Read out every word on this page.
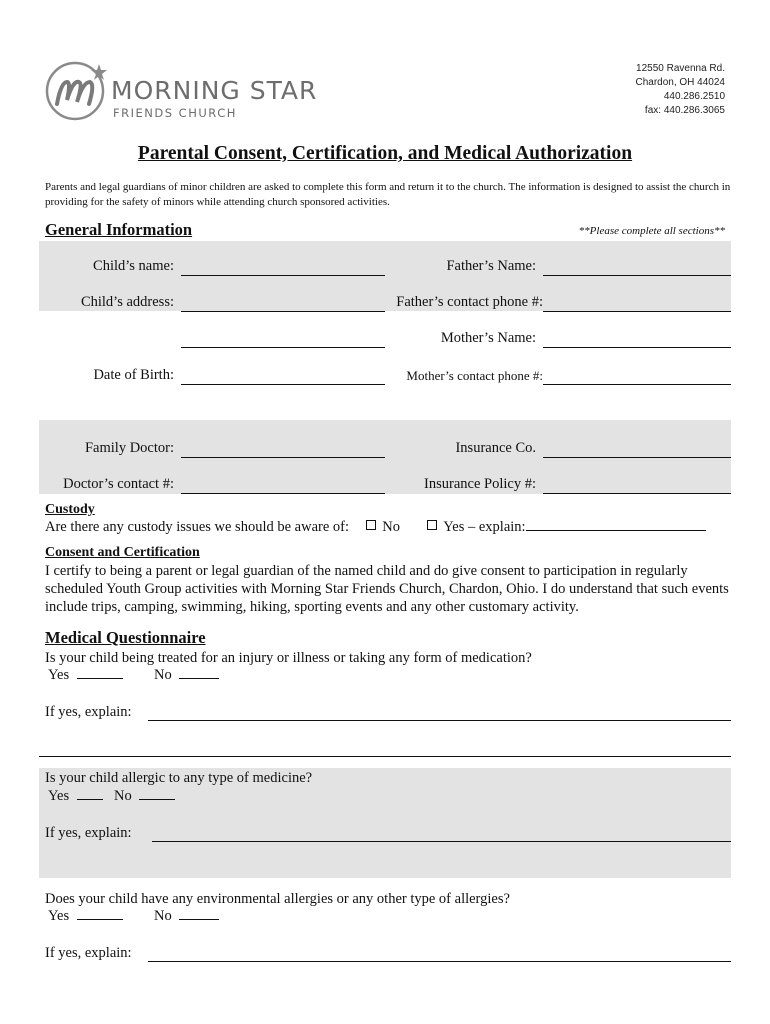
MORNING STAR
FRIENDS CHURCH
12550 Ravenna Rd.
Chardon, OH 44024
440.286.2510
fax: 440.286.3065
Parental Consent, Certification, and Medical Authorization
Parents and legal guardians of minor children are asked to complete this form and return it to the church. The information is designed to assist the church in providing for the safety of minors while attending church sponsored activities.
General Information	**Please complete all sections**
Child’s name:	Father’s Name:
Child’s address:	Father’s contact phone #:
Mother’s Name:
Date of Birth:	Mother’s contact phone #:
Family Doctor:	Insurance Co.
Doctor’s contact #:	Insurance Policy #:
Custody
Are there any custody issues we should be aware of: No	Yes – explain:
Consent and Certification
I certify to being a parent or legal guardian of the named child and do give consent to participation in regularly scheduled Youth Group activities with Morning Star Friends Church, Chardon, Ohio. I do understand that such events include trips, camping, swimming, hiking, sporting events and any other customary activity.
Medical Questionnaire
Is your child being treated for an injury or illness or taking any form of medication?
Yes	No
If yes, explain:
Is your child allergic to any type of medicine?
Yes	No
If yes, explain:
Does your child have any environmental allergies or any other type of allergies?
Yes	No
If yes, explain:
